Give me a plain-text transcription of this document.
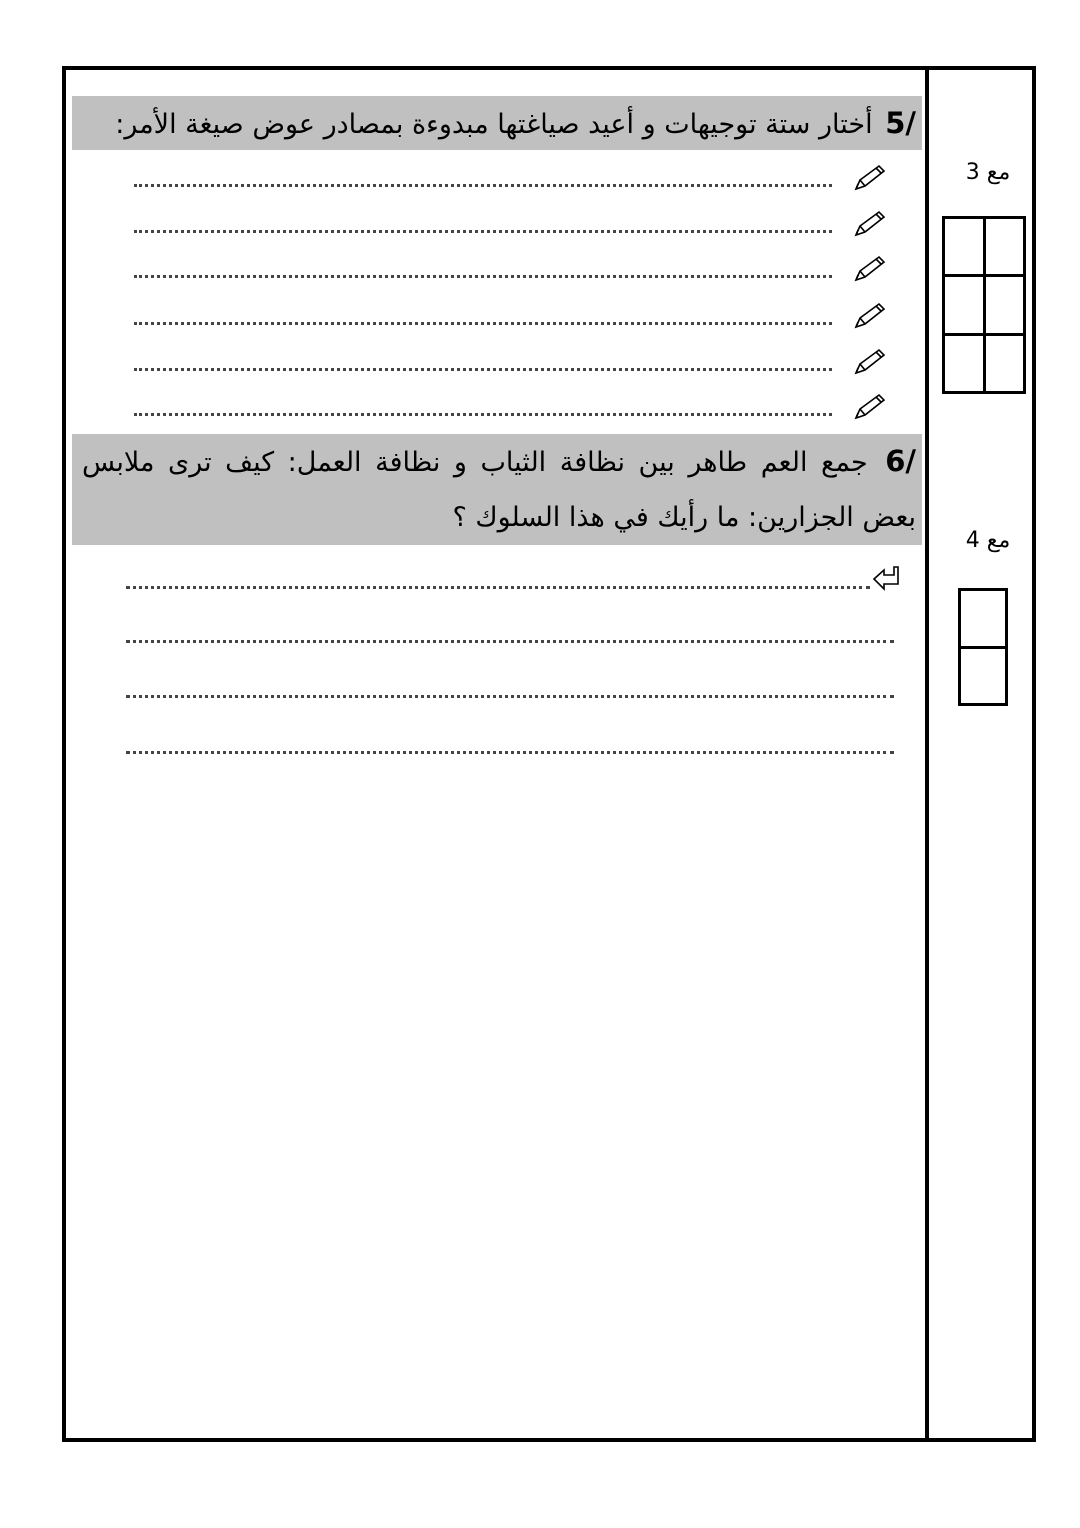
/5 أختار ستة توجيهات و أعيد صياغتها مبدوءة بمصادر عوض صيغة الأمر:
/6 جمع العم طاهر بين نظافة الثياب و نظافة العمل: كيف ترى ملابس بعض الجزارين: ما رأيك في هذا السلوك ؟
مع 3
مع 4
